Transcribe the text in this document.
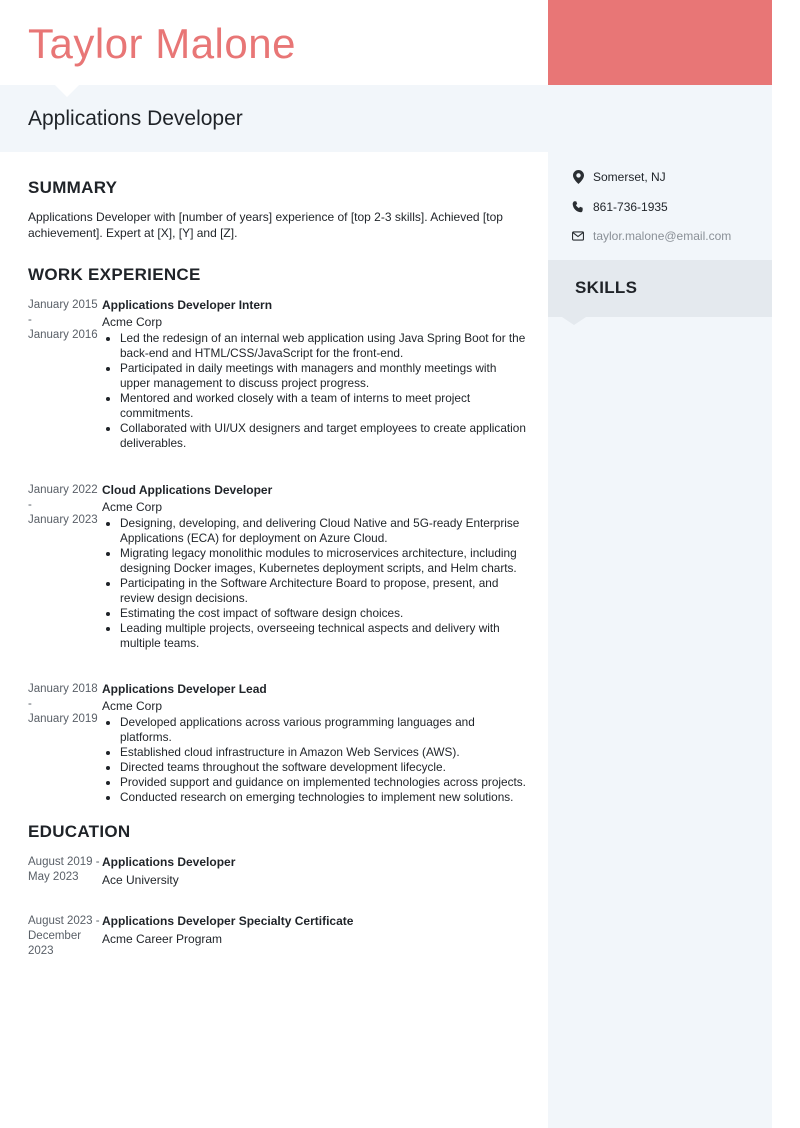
Taylor Malone
Applications Developer
Somerset, NJ
861-736-1935
taylor.malone@email.com
SKILLS
SUMMARY
Applications Developer with [number of years] experience of [top 2-3 skills]. Achieved [top achievement]. Expert at [X], [Y] and [Z].
WORK EXPERIENCE
January 2015
-
January 2016
Applications Developer Intern
Acme Corp
• Led the redesign of an internal web application using Java Spring Boot for the back-end and HTML/CSS/JavaScript for the front-end.
• Participated in daily meetings with managers and monthly meetings with upper management to discuss project progress.
• Mentored and worked closely with a team of interns to meet project commitments.
• Collaborated with UI/UX designers and target employees to create application deliverables.
January 2022
-
January 2023
Cloud Applications Developer
Acme Corp
• Designing, developing, and delivering Cloud Native and 5G-ready Enterprise Applications (ECA) for deployment on Azure Cloud.
• Migrating legacy monolithic modules to microservices architecture, including designing Docker images, Kubernetes deployment scripts, and Helm charts.
• Participating in the Software Architecture Board to propose, present, and review design decisions.
• Estimating the cost impact of software design choices.
• Leading multiple projects, overseeing technical aspects and delivery with multiple teams.
January 2018
-
January 2019
Applications Developer Lead
Acme Corp
• Developed applications across various programming languages and platforms.
• Established cloud infrastructure in Amazon Web Services (AWS).
• Directed teams throughout the software development lifecycle.
• Provided support and guidance on implemented technologies across projects.
• Conducted research on emerging technologies to implement new solutions.
EDUCATION
August 2019 -
May 2023
Applications Developer
Ace University
August 2023 -
December 2023
Applications Developer Specialty Certificate
Acme Career Program
